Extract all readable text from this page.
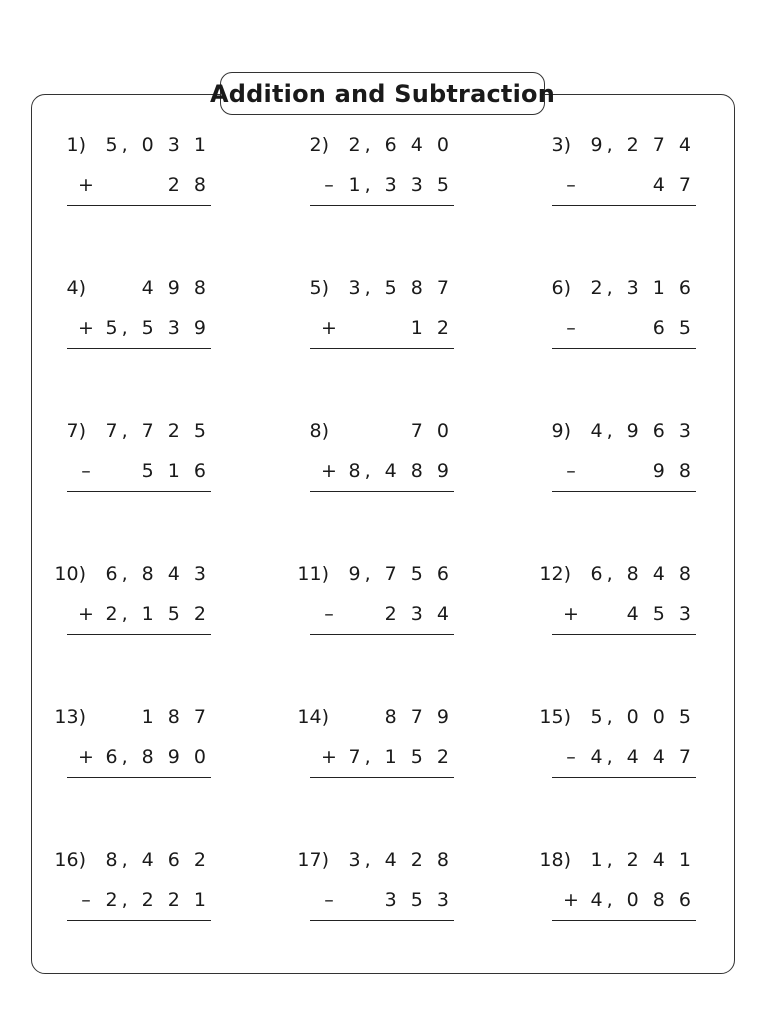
Addition and Subtraction
1) 5, 0 3 1
+	2 8
2) 2, 6 4 0
– 1, 3 3 5
3) 9, 2 7 4
–	4 7
4)	4 9 8
+ 5, 5 3 9
5) 3, 5 8 7
+	1 2
6) 2, 3 1 6
–	6 5
7) 7, 7 2 5
–	5 1 6
8)	7 0
+ 8, 4 8 9
9) 4, 9 6 3
–	9 8
10) 6, 8 4 3
+ 2, 1 5 2
11) 9, 7 5 6
–	2 3 4
12) 6, 8 4 8
+	4 5 3
13)	1 8 7
+ 6, 8 9 0
14)	8 7 9
+ 7, 1 5 2
15) 5, 0 0 5
– 4, 4 4 7
16) 8, 4 6 2
– 2, 2 2 1
17) 3, 4 2 8
–	3 5 3
18) 1, 2 4 1
+ 4, 0 8 6
